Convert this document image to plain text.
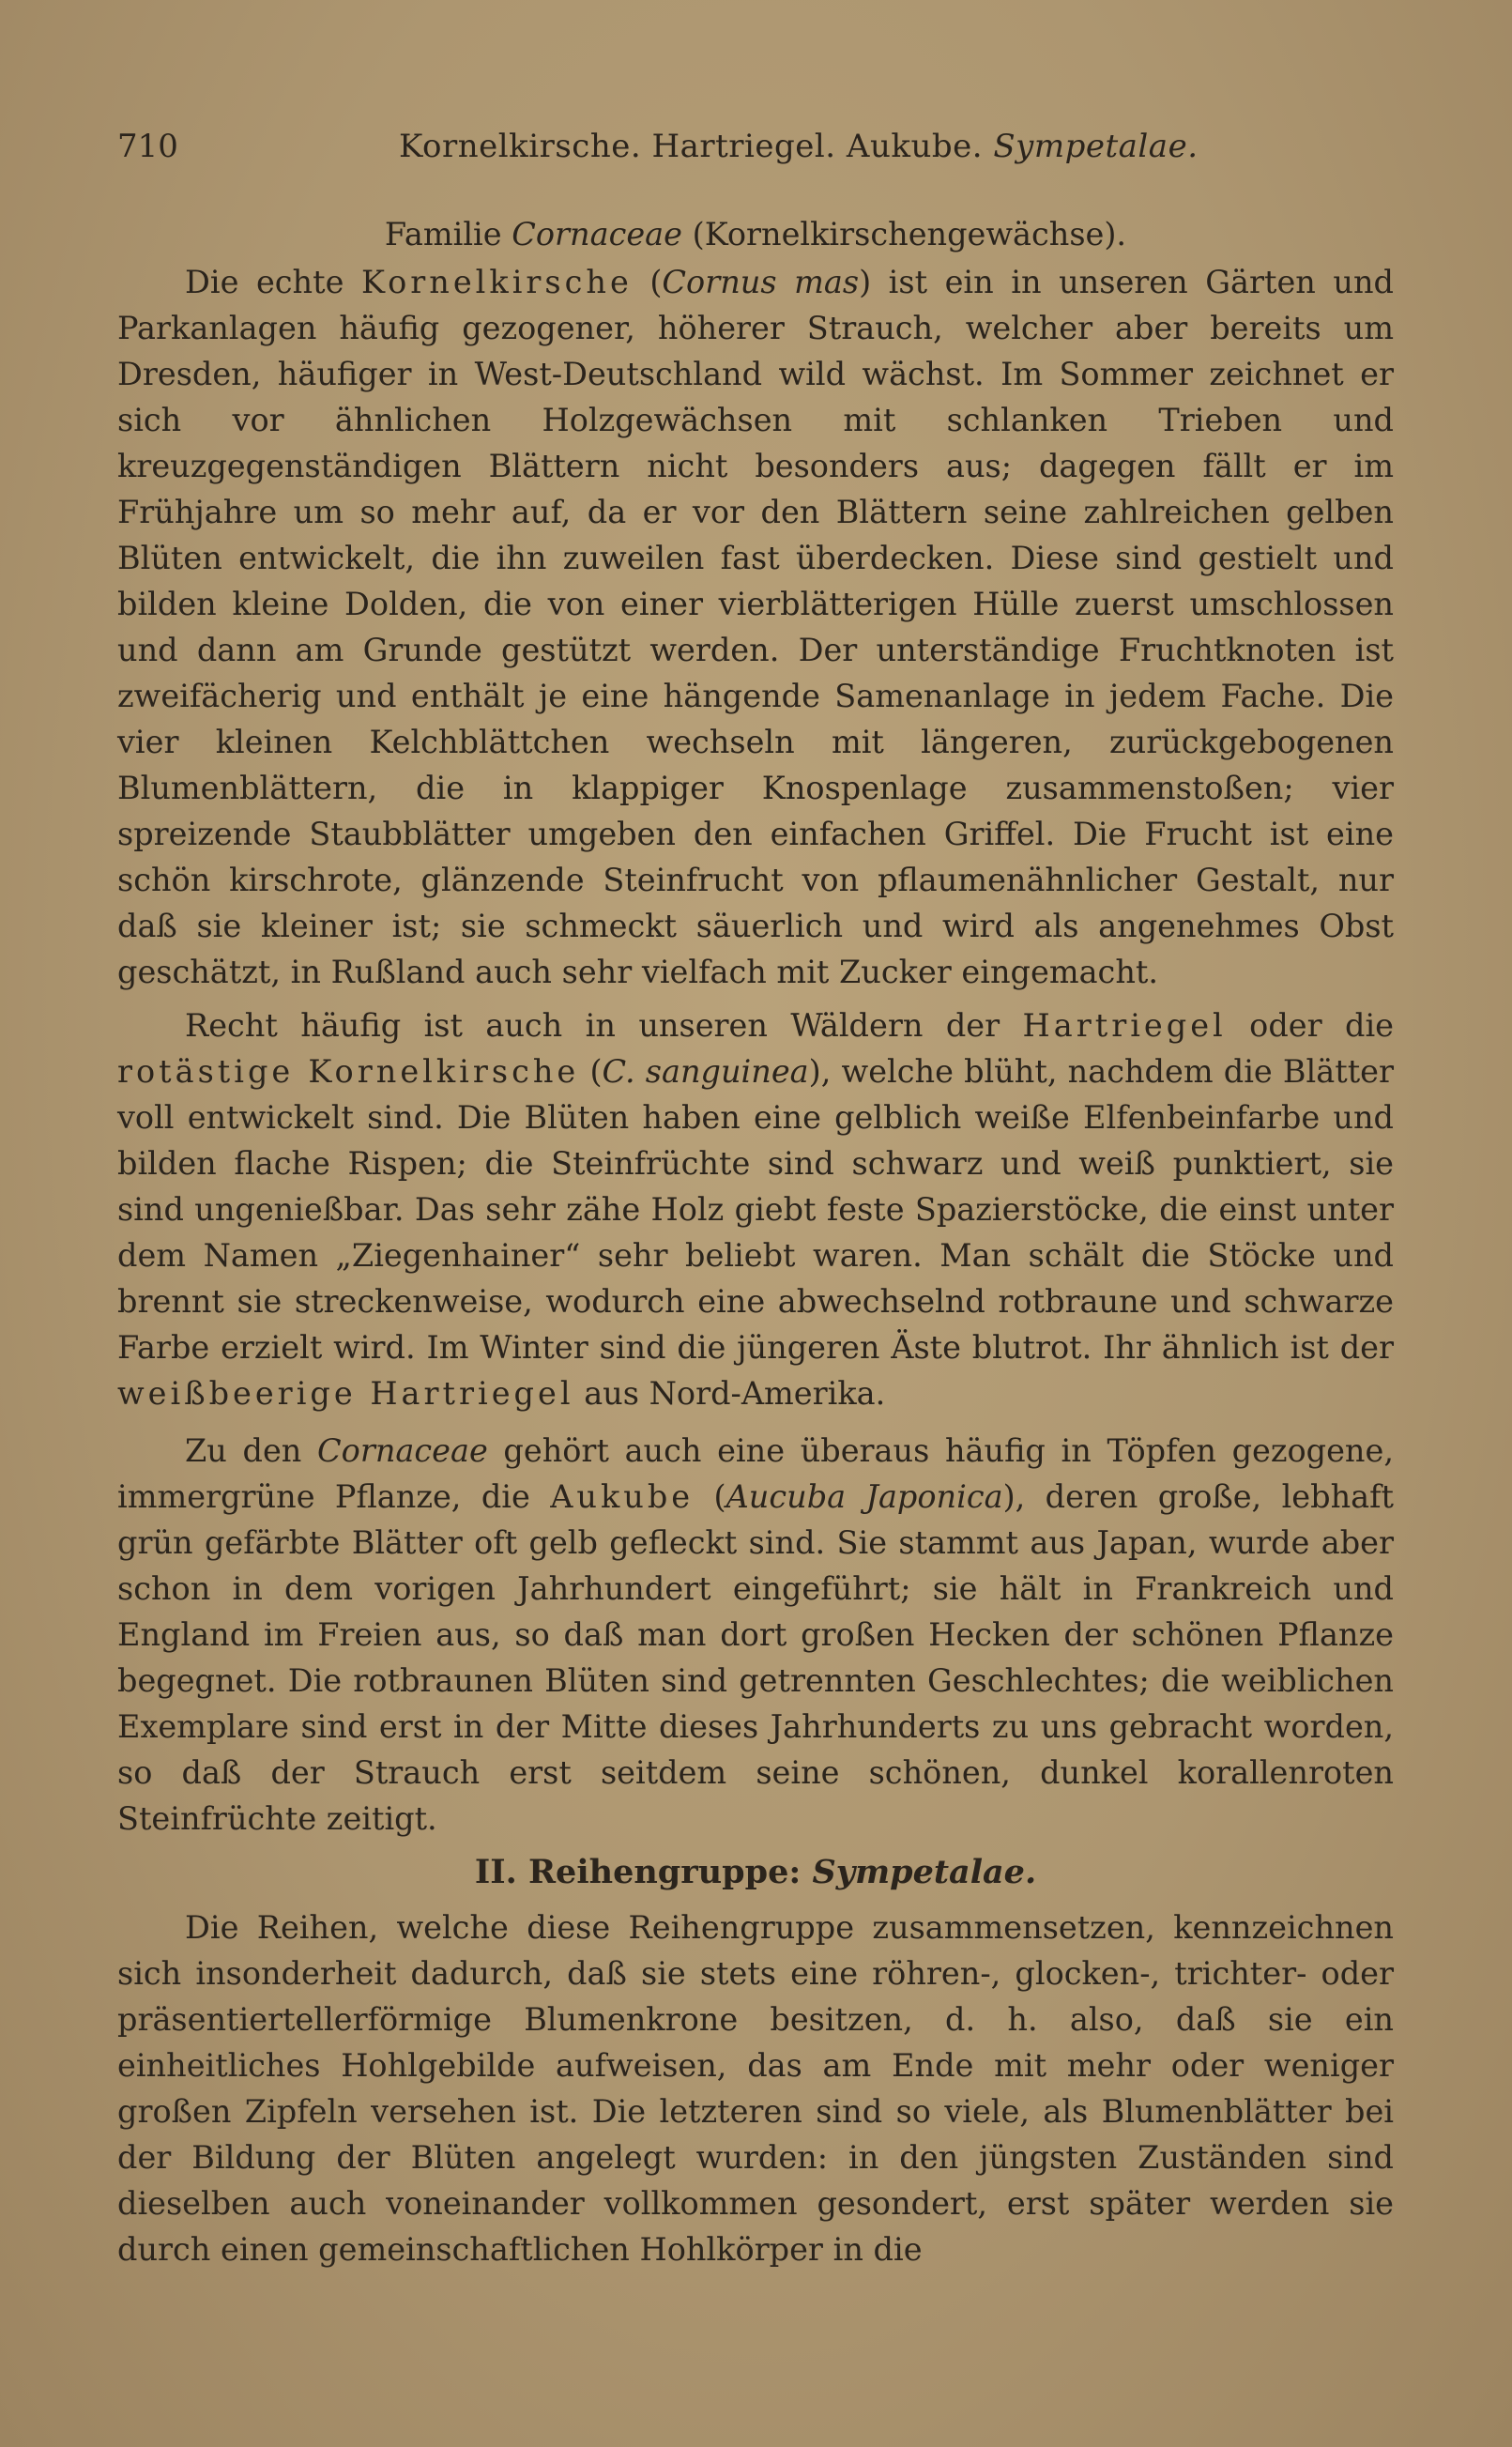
710	Kornelkirsche. Hartriegel. Aukube. Sympetalae.
Familie Cornaceae (Kornelkirschengewächse).

Die echte Kornelkirsche (Cornus mas) ist ein in unseren Gärten und Parkanlagen häufig gezogener, höherer Strauch, welcher aber bereits um Dresden, häufiger in West-Deutschland wild wächst. Im Sommer zeichnet er sich vor ähnlichen Holzgewächsen mit schlanken Trieben und kreuzgegenständigen Blättern nicht besonders aus; dagegen fällt er im Frühjahre um so mehr auf, da er vor den Blättern seine zahlreichen gelben Blüten entwickelt, die ihn zuweilen fast überdecken. Diese sind gestielt und bilden kleine Dolden, die von einer vierblätterigen Hülle zuerst umschlossen und dann am Grunde gestützt werden. Der unterständige Fruchtknoten ist zweifächerig und enthält je eine hängende Samenanlage in jedem Fache. Die vier kleinen Kelchblättchen wechseln mit längeren, zurückgebogenen Blumenblättern, die in klappiger Knospenlage zusammenstoßen; vier spreizende Staubblätter umgeben den einfachen Griffel. Die Frucht ist eine schön kirschrote, glänzende Steinfrucht von pflaumenähnlicher Gestalt, nur daß sie kleiner ist; sie schmeckt säuerlich und wird als angenehmes Obst geschätzt, in Rußland auch sehr vielfach mit Zucker eingemacht.

Recht häufig ist auch in unseren Wäldern der Hartriegel oder die rotästige Kornelkirsche (C. sanguinea), welche blüht, nachdem die Blätter voll entwickelt sind. Die Blüten haben eine gelblich weiße Elfenbeinfarbe und bilden flache Rispen; die Steinfrüchte sind schwarz und weiß punktiert, sie sind ungenießbar. Das sehr zähe Holz giebt feste Spazierstöcke, die einst unter dem Namen „Ziegenhainer“ sehr beliebt waren. Man schält die Stöcke und brennt sie streckenweise, wodurch eine abwechselnd rotbraune und schwarze Farbe erzielt wird. Im Winter sind die jüngeren Äste blutrot. Ihr ähnlich ist der weißbeerige Hartriegel aus Nord-Amerika.

Zu den Cornaceae gehört auch eine überaus häufig in Töpfen gezogene, immergrüne Pflanze, die Aukube (Aucuba Japonica), deren große, lebhaft grün gefärbte Blätter oft gelb gefleckt sind. Sie stammt aus Japan, wurde aber schon in dem vorigen Jahrhundert eingeführt; sie hält in Frankreich und England im Freien aus, so daß man dort großen Hecken der schönen Pflanze begegnet. Die rotbraunen Blüten sind getrennten Geschlechtes; die weiblichen Exemplare sind erst in der Mitte dieses Jahrhunderts zu uns gebracht worden, so daß der Strauch erst seitdem seine schönen, dunkel korallenroten Steinfrüchte zeitigt.

II. Reihengruppe: Sympetalae.

Die Reihen, welche diese Reihengruppe zusammensetzen, kennzeichnen sich insonderheit dadurch, daß sie stets eine röhren-, glocken-, trichter- oder präsentiertellerförmige Blumenkrone besitzen, d. h. also, daß sie ein einheitliches Hohlgebilde aufweisen, das am Ende mit mehr oder weniger großen Zipfeln versehen ist. Die letzteren sind so viele, als Blumenblätter bei der Bildung der Blüten angelegt wurden: in den jüngsten Zuständen sind dieselben auch voneinander vollkommen gesondert, erst später werden sie durch einen gemeinschaftlichen Hohlkörper in die
